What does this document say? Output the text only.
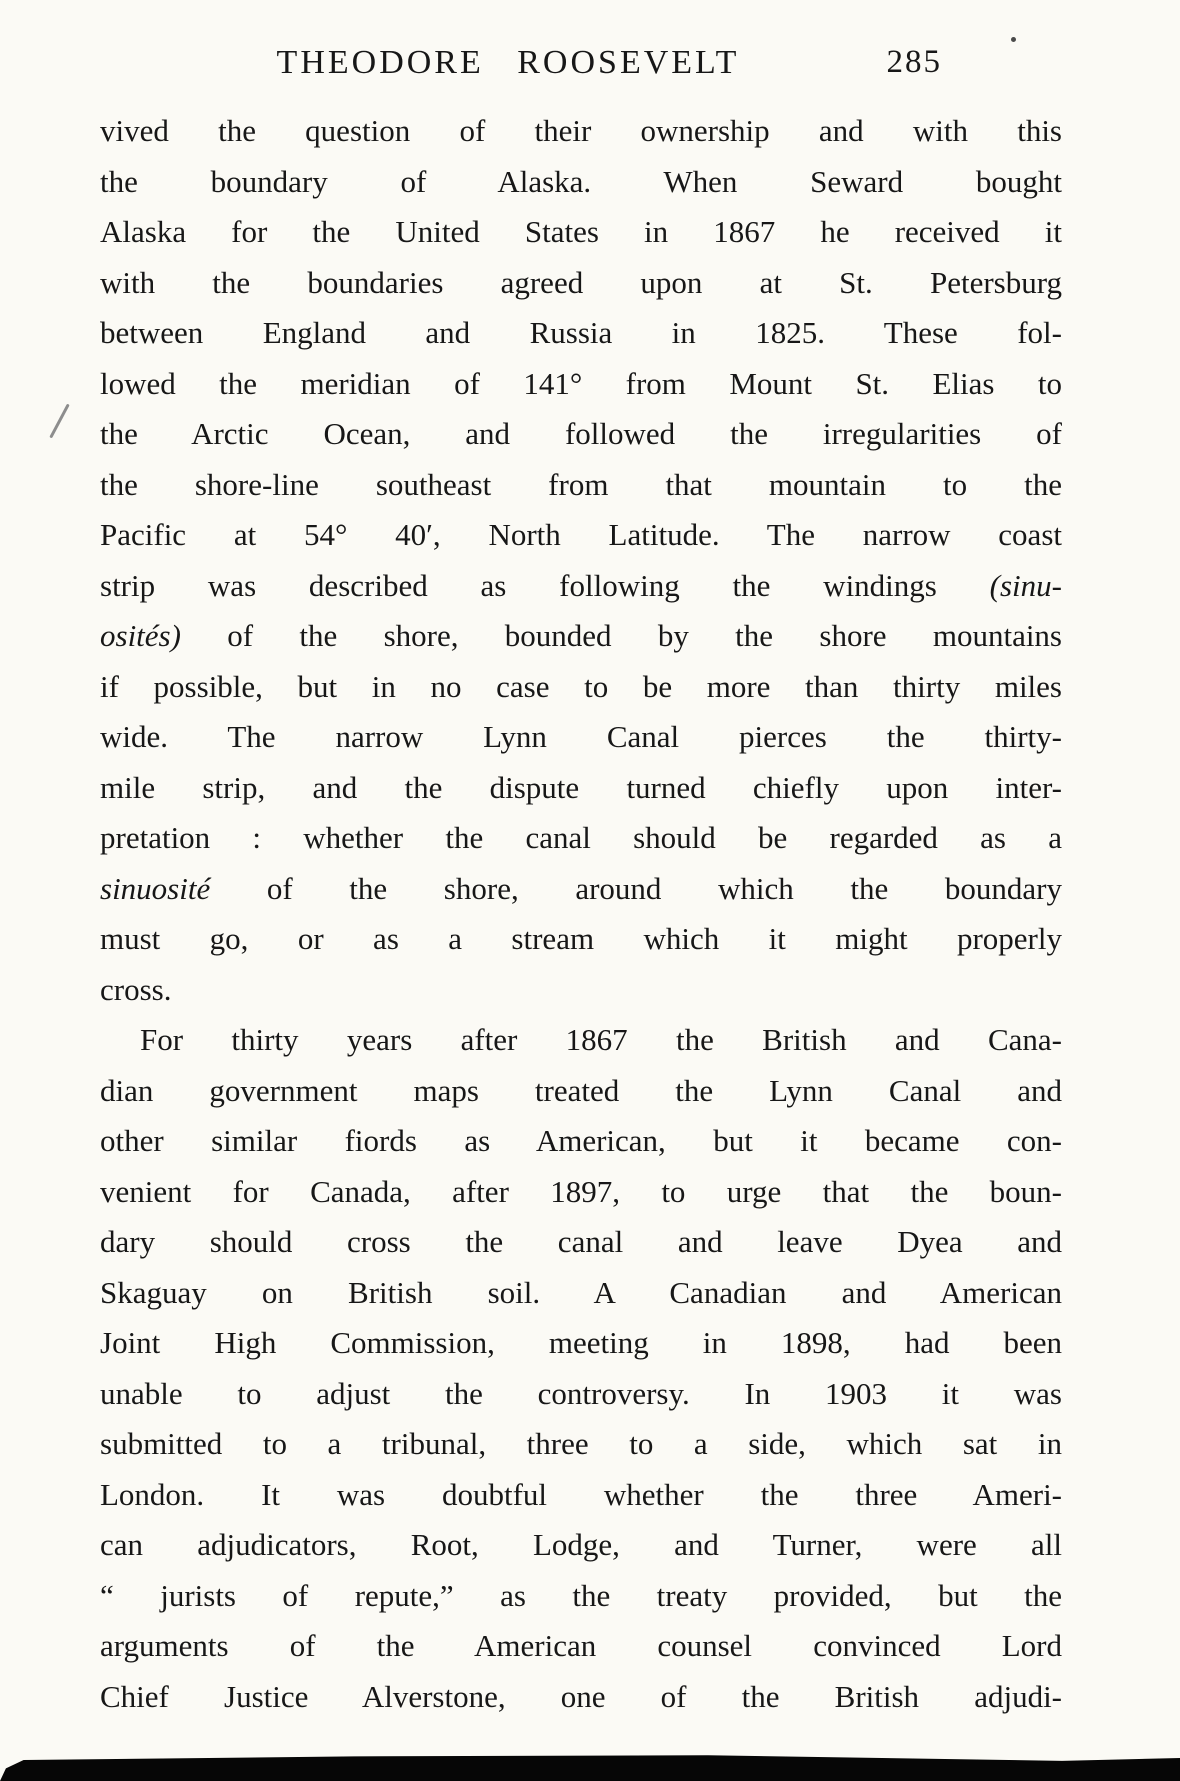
THEODORE ROOSEVELT	285
vived the question of their ownership and with this
the boundary of Alaska. When Seward bought
Alaska for the United States in 1867 he received it
with the boundaries agreed upon at St. Petersburg
between England and Russia in 1825. These fol-
lowed the meridian of 141° from Mount St. Elias to
the Arctic Ocean, and followed the irregularities of
the shore-line southeast from that mountain to the
Pacific at 54° 40′, North Latitude. The narrow coast
strip was described as following the windings (sinu-
osités) of the shore, bounded by the shore mountains
if possible, but in no case to be more than thirty miles
wide. The narrow Lynn Canal pierces the thirty-
mile strip, and the dispute turned chiefly upon inter-
pretation : whether the canal should be regarded as a
sinuosité of the shore, around which the boundary
must go, or as a stream which it might properly
cross.
For thirty years after 1867 the British and Cana-
dian government maps treated the Lynn Canal and
other similar fiords as American, but it became con-
venient for Canada, after 1897, to urge that the boun-
dary should cross the canal and leave Dyea and
Skaguay on British soil. A Canadian and American
Joint High Commission, meeting in 1898, had been
unable to adjust the controversy. In 1903 it was
submitted to a tribunal, three to a side, which sat in
London. It was doubtful whether the three Ameri-
can adjudicators, Root, Lodge, and Turner, were all
“ jurists of repute,” as the treaty provided, but the
arguments of the American counsel convinced Lord
Chief Justice Alverstone, one of the British adjudi-
